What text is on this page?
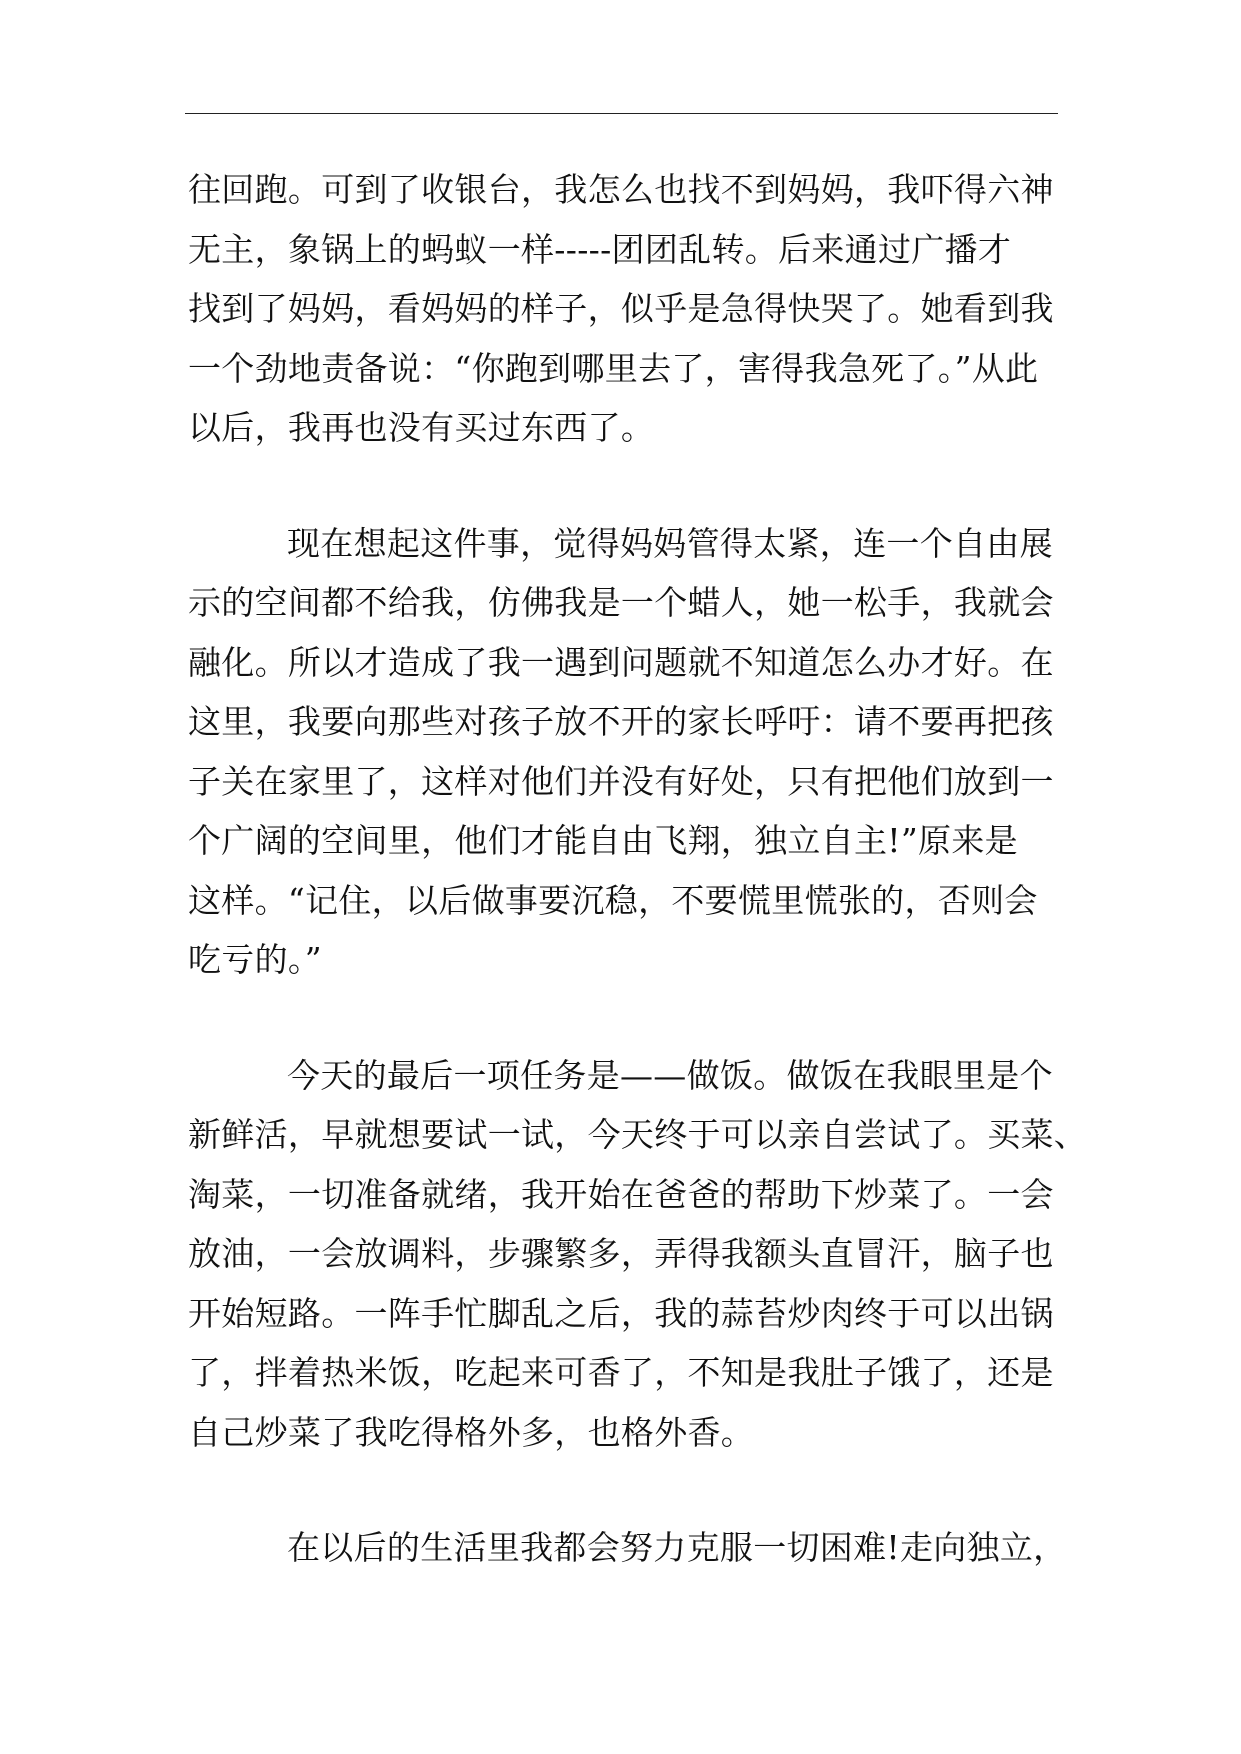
往回跑。可到了收银台，我怎么也找不到妈妈，我吓得六神
无主，象锅上的蚂蚁一样-----团团乱转。后来通过广播才
找到了妈妈，看妈妈的样子，似乎是急得快哭了。她看到我
一个劲地责备说：“你跑到哪里去了，害得我急死了。”从此
以后，我再也没有买过东西了。

现在想起这件事，觉得妈妈管得太紧，连一个自由展
示的空间都不给我，仿佛我是一个蜡人，她一松手，我就会
融化。所以才造成了我一遇到问题就不知道怎么办才好。在
这里，我要向那些对孩子放不开的家长呼吁：请不要再把孩
子关在家里了，这样对他们并没有好处，只有把他们放到一
个广阔的空间里，他们才能自由飞翔，独立自主!”原来是
这样。“记住，以后做事要沉稳，不要慌里慌张的，否则会
吃亏的。”

今天的最后一项任务是——做饭。做饭在我眼里是个
新鲜活，早就想要试一试，今天终于可以亲自尝试了。买菜、
淘菜，一切准备就绪，我开始在爸爸的帮助下炒菜了。一会
放油，一会放调料，步骤繁多，弄得我额头直冒汗，脑子也
开始短路。一阵手忙脚乱之后，我的蒜苔炒肉终于可以出锅
了，拌着热米饭，吃起来可香了，不知是我肚子饿了，还是
自己炒菜了我吃得格外多，也格外香。

在以后的生活里我都会努力克服一切困难!走向独立，
